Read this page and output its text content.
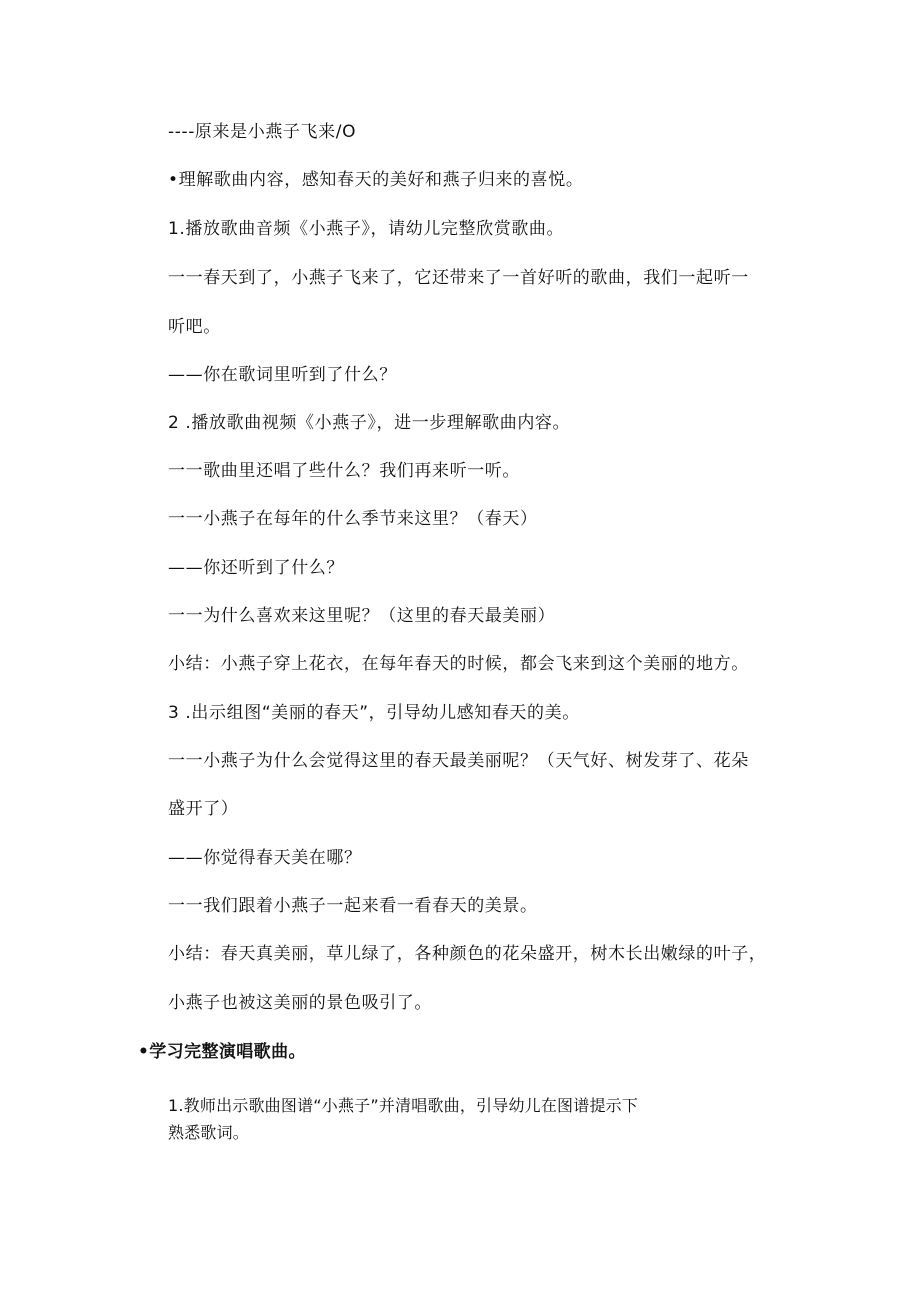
----原来是小燕子飞来/O
•理解歌曲内容，感知春天的美好和燕子归来的喜悦。
1.播放歌曲音频《小燕子》，请幼儿完整欣赏歌曲。
一一春天到了，小燕子飞来了，它还带来了一首好听的歌曲，我们一起听一
听吧。
——你在歌词里听到了什么？
2 .播放歌曲视频《小燕子》，进一步理解歌曲内容。
一一歌曲里还唱了些什么？我们再来听一听。
一一小燕子在每年的什么季节来这里？（春天）
——你还听到了什么？
一一为什么喜欢来这里呢？（这里的春天最美丽）
小结：小燕子穿上花衣，在每年春天的时候，都会飞来到这个美丽的地方。
3 .出示组图“美丽的春天”，引导幼儿感知春天的美。
一一小燕子为什么会觉得这里的春天最美丽呢？（天气好、树发芽了、花朵
盛开了）
——你觉得春天美在哪？
一一我们跟着小燕子一起来看一看春天的美景。
小结：春天真美丽，草儿绿了，各种颜色的花朵盛开，树木长出嫩绿的叶子，
小燕子也被这美丽的景色吸引了。
•学习完整演唱歌曲。
1.教师出示歌曲图谱“小燕子”并清唱歌曲，引导幼儿在图谱提示下
熟悉歌词。
